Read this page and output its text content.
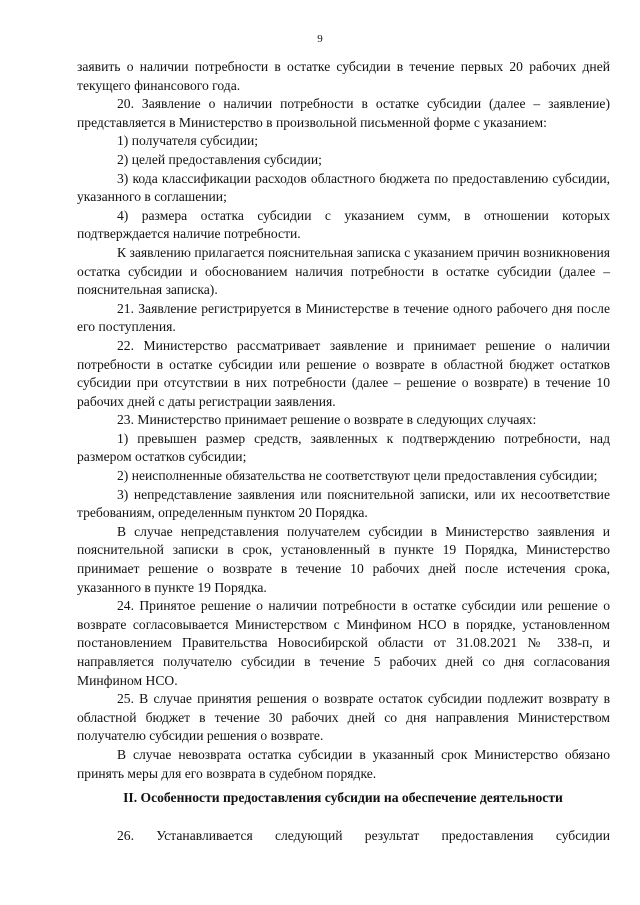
9

заявить о наличии потребности в остатке субсидии в течение первых 20 рабочих дней текущего финансового года.

20. Заявление о наличии потребности в остатке субсидии (далее – заявление) представляется в Министерство в произвольной письменной форме с указанием:

1) получателя субсидии;

2) целей предоставления субсидии;

3) кода классификации расходов областного бюджета по предоставлению субсидии, указанного в соглашении;

4) размера остатка субсидии с указанием сумм, в отношении которых подтверждается наличие потребности.

К заявлению прилагается пояснительная записка с указанием причин возникновения остатка субсидии и обоснованием наличия потребности в остатке субсидии (далее – пояснительная записка).

21. Заявление регистрируется в Министерстве в течение одного рабочего дня после его поступления.

22. Министерство рассматривает заявление и принимает решение о наличии потребности в остатке субсидии или решение о возврате в областной бюджет остатков субсидии при отсутствии в них потребности (далее – решение о возврате) в течение 10 рабочих дней с даты регистрации заявления.

23. Министерство принимает решение о возврате в следующих случаях:

1) превышен размер средств, заявленных к подтверждению потребности, над размером остатков субсидии;

2) неисполненные обязательства не соответствуют цели предоставления субсидии;

3) непредставление заявления или пояснительной записки, или их несоответствие требованиям, определенным пунктом 20 Порядка.

В случае непредставления получателем субсидии в Министерство заявления и пояснительной записки в срок, установленный в пункте 19 Порядка, Министерство принимает решение о возврате в течение 10 рабочих дней после истечения срока, указанного в пункте 19 Порядка.

24. Принятое решение о наличии потребности в остатке субсидии или решение о возврате согласовывается Министерством с Минфином НСО в порядке, установленном постановлением Правительства Новосибирской области от 31.08.2021 № 338-п, и направляется получателю субсидии в течение 5 рабочих дней со дня согласования Минфином НСО.

25. В случае принятия решения о возврате остаток субсидии подлежит возврату в областной бюджет в течение 30 рабочих дней со дня направления Министерством получателю субсидии решения о возврате.

В случае невозврата остатка субсидии в указанный срок Министерство обязано принять меры для его возврата в судебном порядке.

II. Особенности предоставления субсидии на обеспечение деятельности
26. Устанавливается следующий результат предоставления субсидии
